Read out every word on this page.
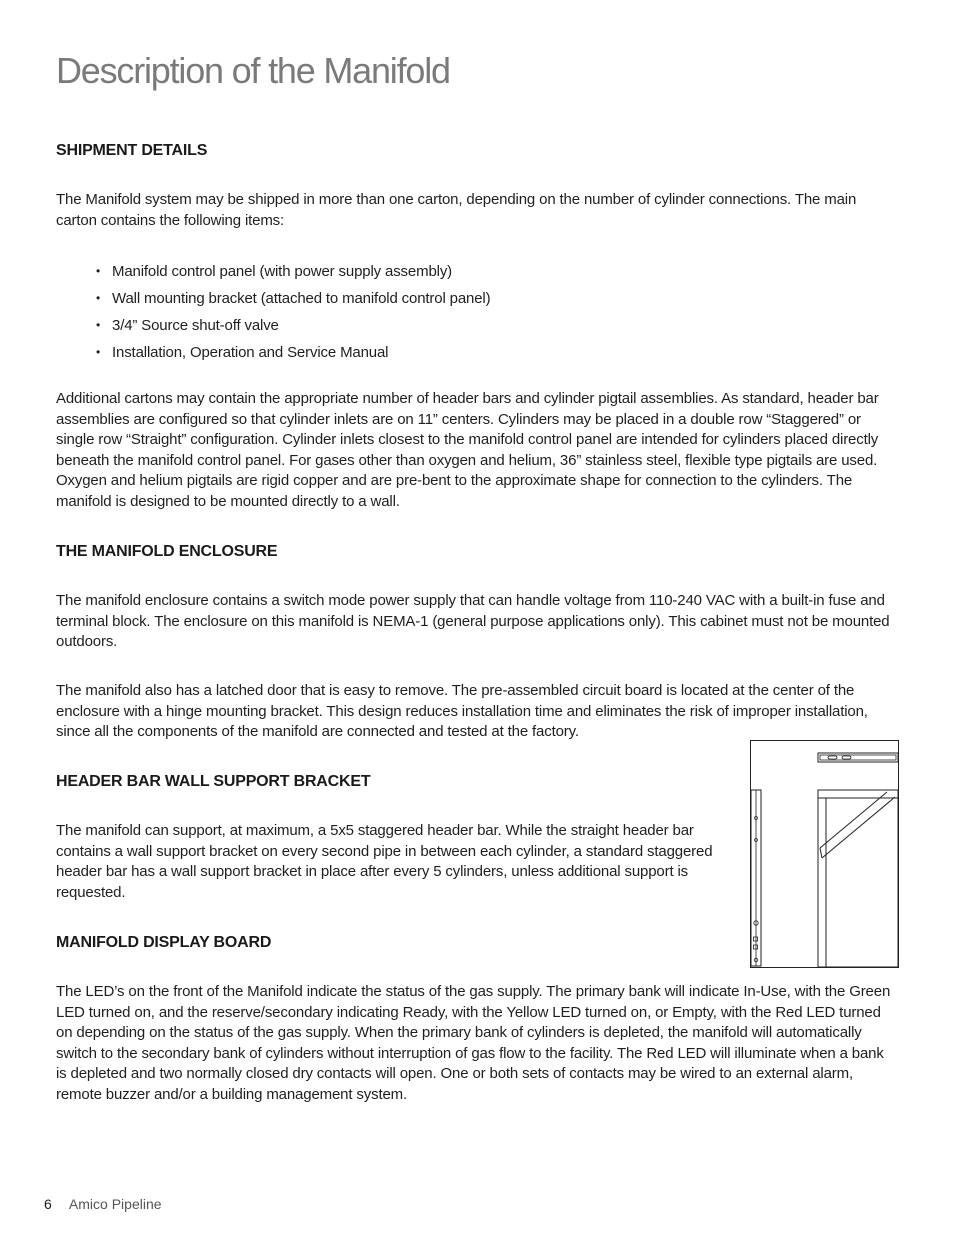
Description of the Manifold
SHIPMENT DETAILS

The Manifold system may be shipped in more than one carton, depending on the number of cylinder connections. The main carton contains the following items:

• Manifold control panel (with power supply assembly)
• Wall mounting bracket (attached to manifold control panel)
• 3/4” Source shut-off valve
• Installation, Operation and Service Manual

Additional cartons may contain the appropriate number of header bars and cylinder pigtail assemblies. As standard, header bar assemblies are configured so that cylinder inlets are on 11” centers. Cylinders may be placed in a double row “Staggered” or single row “Straight” configuration. Cylinder inlets closest to the manifold control panel are intended for cylinders placed directly beneath the manifold control panel. For gases other than oxygen and helium, 36” stainless steel, flexible type pigtails are used. Oxygen and helium pigtails are rigid copper and are pre-bent to the approximate shape for connection to the cylinders. The manifold is designed to be mounted directly to a wall.

THE MANIFOLD ENCLOSURE

The manifold enclosure contains a switch mode power supply that can handle voltage from 110-240 VAC with a built-in fuse and terminal block. The enclosure on this manifold is NEMA-1 (general purpose applications only). This cabinet must not be mounted outdoors.

The manifold also has a latched door that is easy to remove. The pre-assembled circuit board is located at the center of the enclosure with a hinge mounting bracket. This design reduces installation time and eliminates the risk of improper installation, since all the components of the manifold are connected and tested at the factory.

HEADER BAR WALL SUPPORT BRACKET

The manifold can support, at maximum, a 5x5 staggered header bar. While the straight header bar contains a wall support bracket on every second pipe in between each cylinder, a standard staggered header bar has a wall support bracket in place after every 5 cylinders, unless additional support is requested.

MANIFOLD DISPLAY BOARD

The LED’s on the front of the Manifold indicate the status of the gas supply. The primary bank will indicate In-Use, with the Green LED turned on, and the reserve/secondary indicating Ready, with the Yellow LED turned on, or Empty, with the Red LED turned on depending on the status of the gas supply. When the primary bank of cylinders is depleted, the manifold will automatically switch to the secondary bank of cylinders without interruption of gas flow to the facility. The Red LED will illuminate when a bank is depleted and two normally closed dry contacts will open. One or both sets of contacts may be wired to an external alarm, remote buzzer and/or a building management system.

6 Amico Pipeline
